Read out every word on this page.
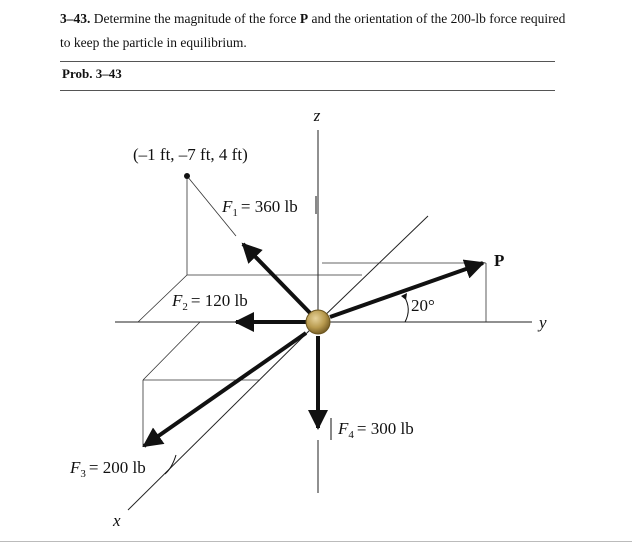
3–43. Determine the magnitude of the force P and the orientation of the 200-lb force required to keep the particle in equilibrium.
Prob. 3–43
z
y
x
(–1 ft, –7 ft, 4 ft)
$F_1 = 360$ lb
$F_2 = 120$ lb
$F_3 = 200$ lb
$F_4 = 300$ lb
P
20°
